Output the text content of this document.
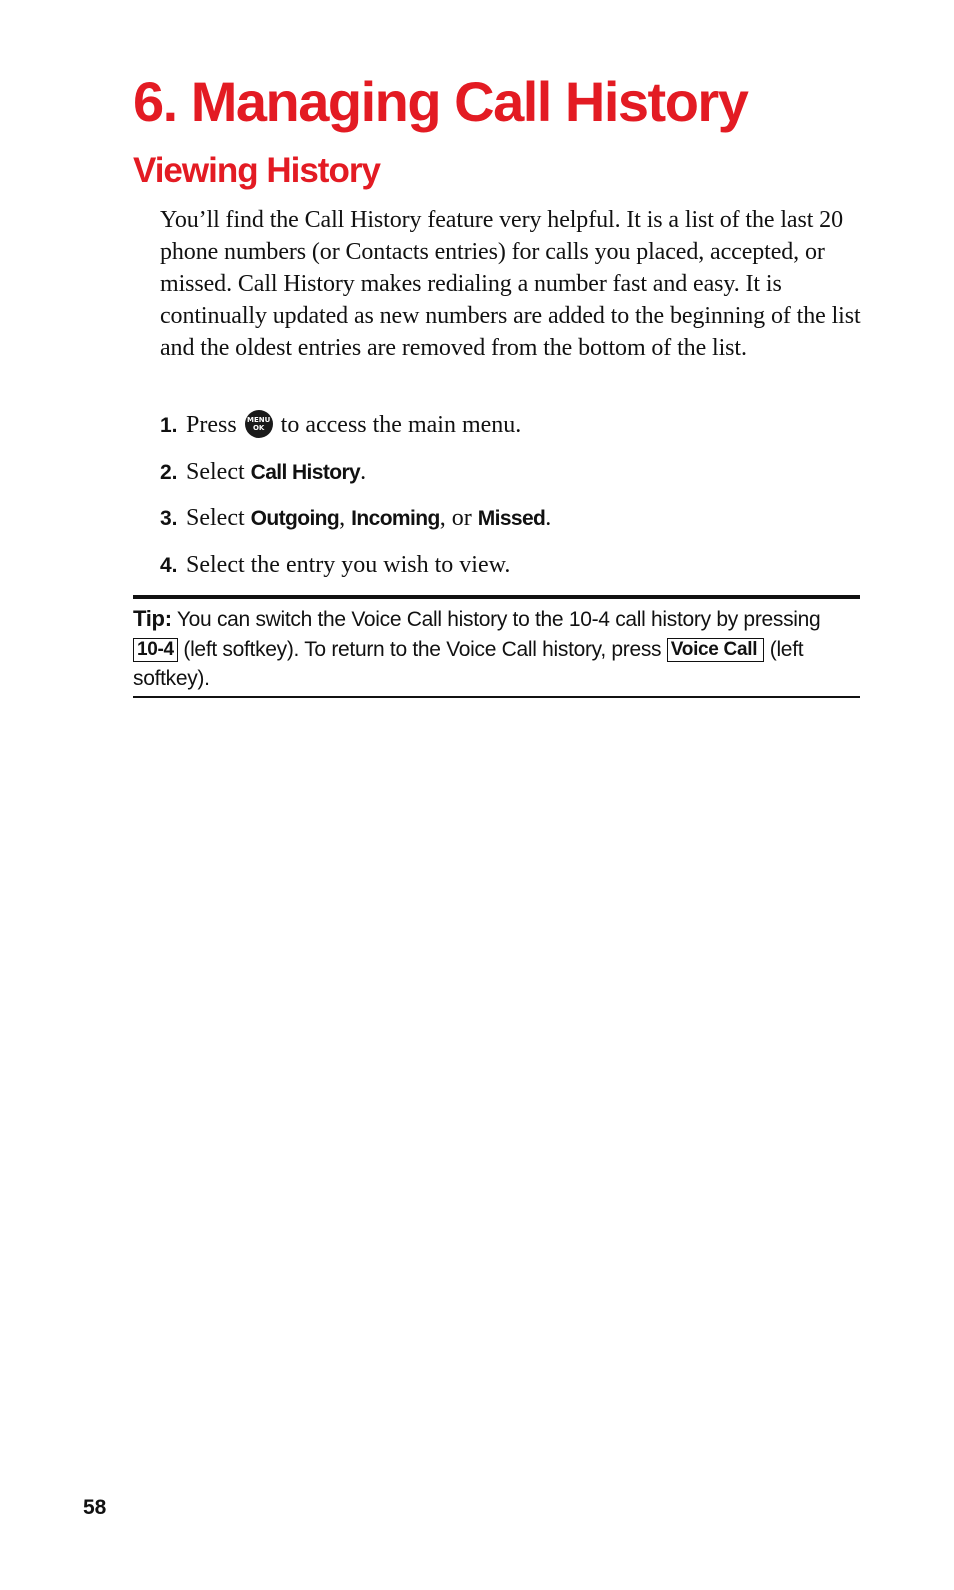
6. Managing Call History
Viewing History

You’ll find the Call History feature very helpful. It is a list of the last 20 phone numbers (or Contacts entries) for calls you placed, accepted, or missed. Call History makes redialing a number fast and easy. It is continually updated as new numbers are added to the beginning of the list and the oldest entries are removed from the bottom of the list.

1. Press	MENU
OK to access the main menu.
2. Select Call History.
3. Select Outgoing, Incoming, or Missed.
4. Select the entry you wish to view.

Tip: You can switch the Voice Call history to the 10-4 call history by pressing 10-4 (left softkey). To return to the Voice Call history, press Voice Call (left softkey).

58
